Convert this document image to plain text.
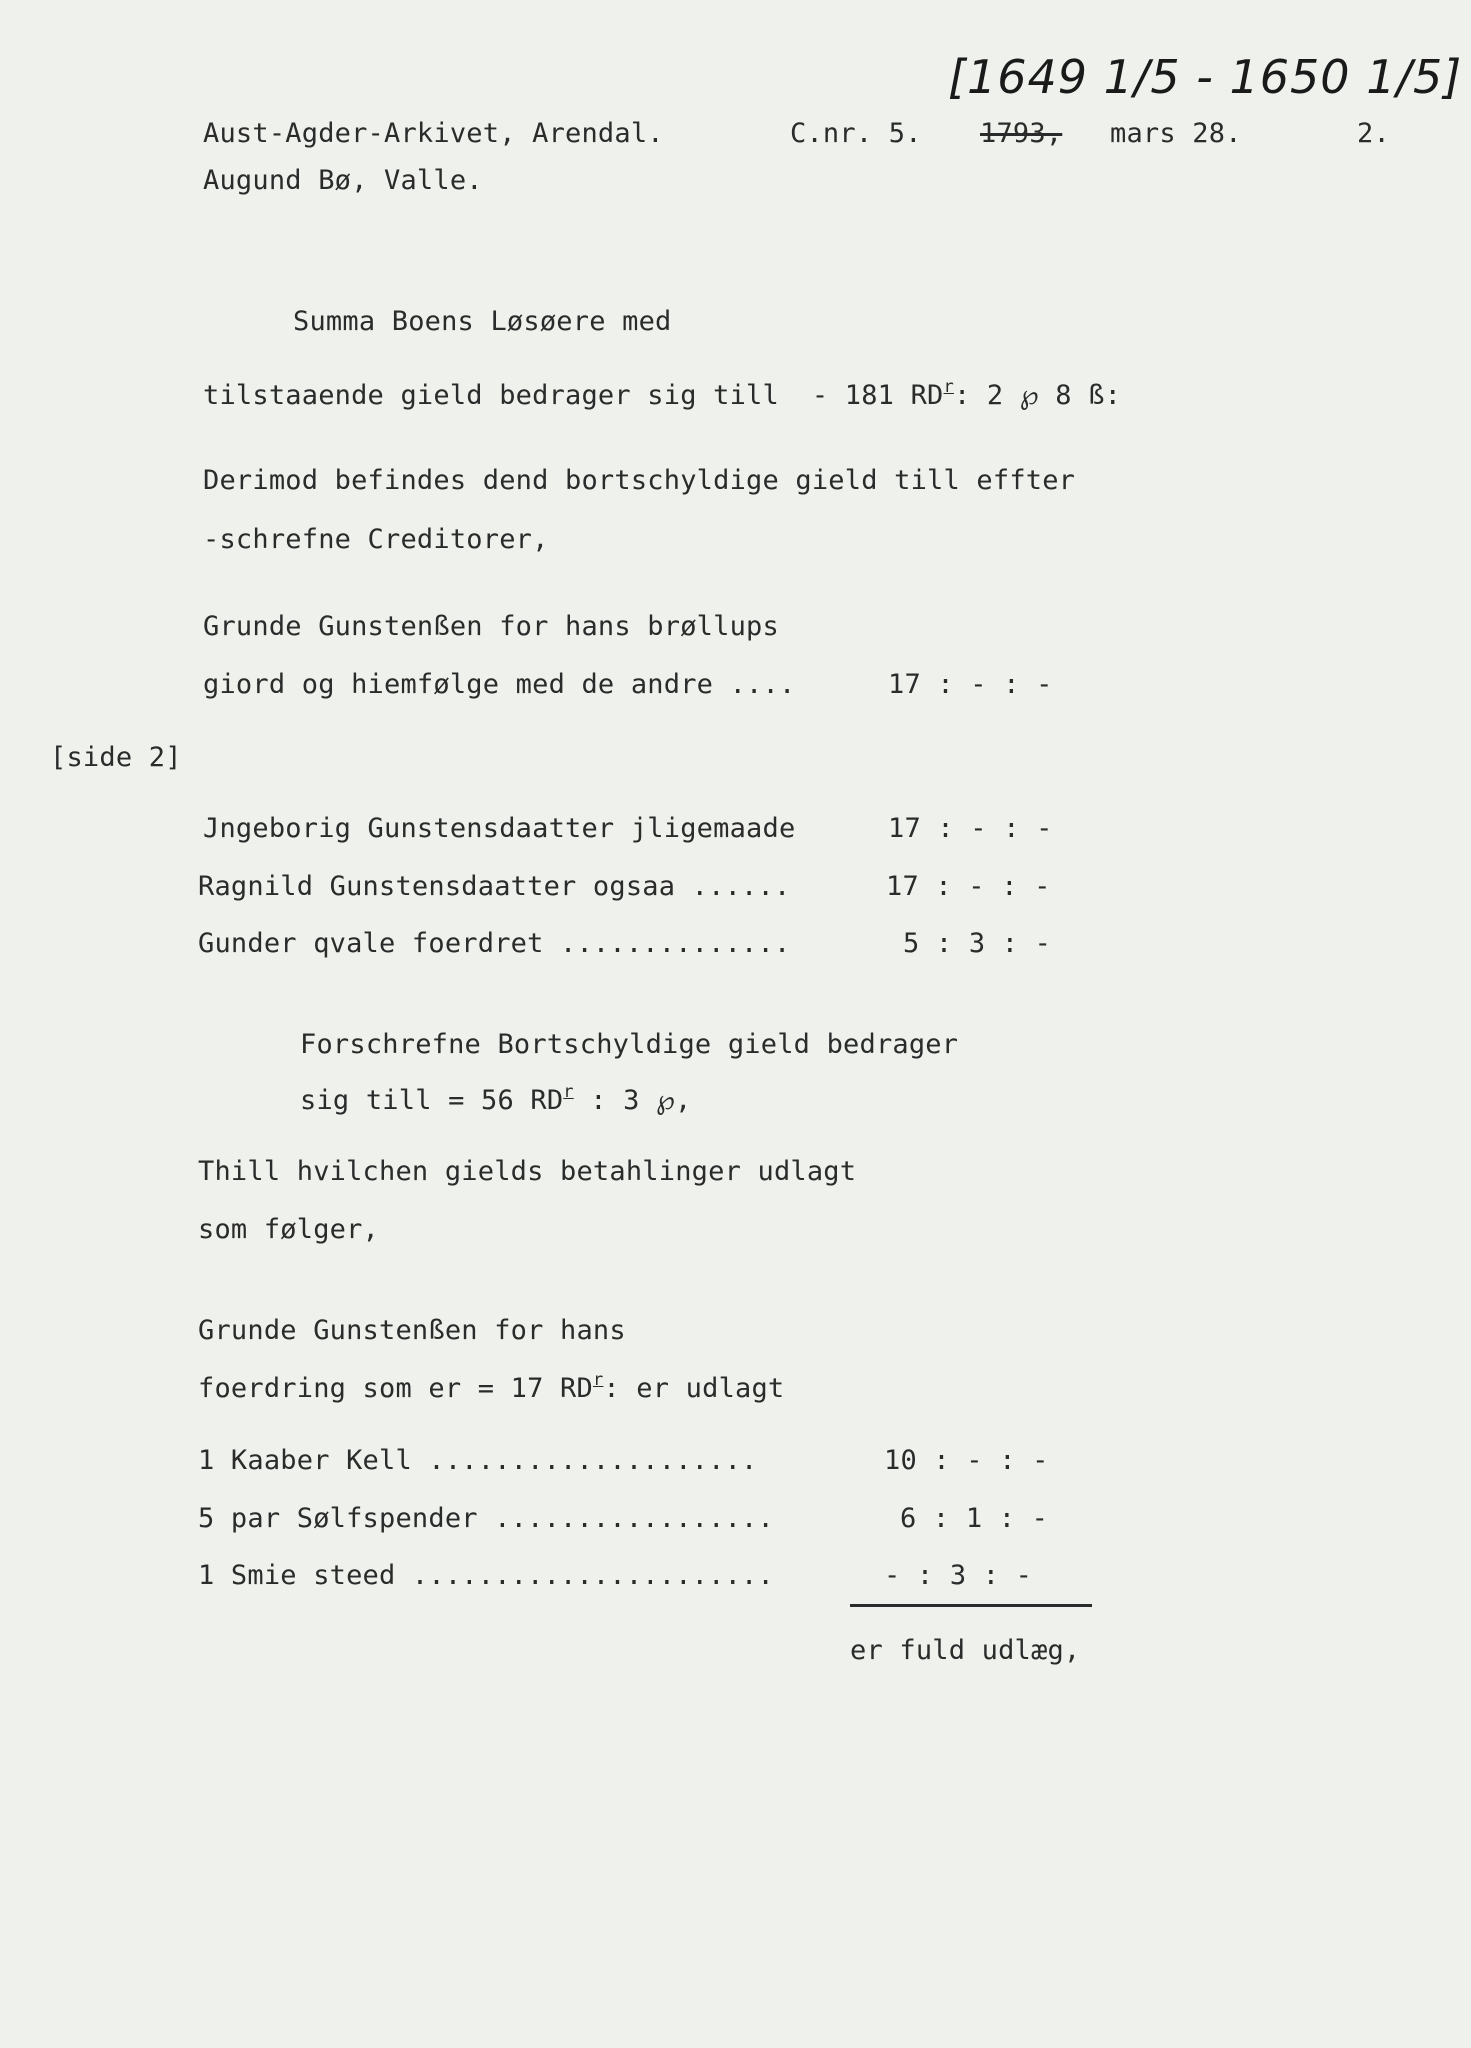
[1649 1/5 - 1650 1/5]
Aust-Agder-Arkivet, Arendal.	C.nr. 5. 1793, mars 28.	2.
Augund Bø, Valle.
Summa Boens Løsøere med
tilstaaende gield bedrager sig till  - 181 $RD^r$: 2 ℘ 8 ß:
Derimod befindes dend bortschyldige gield till effter
-schrefne Creditorer,
Grunde Gunstenßen for hans brøllups
giord og hiemfølge med de andre ....	17 : - : -
[side 2]
Jngeborig Gunstensdaatter jligemaade	17 : - : -
Ragnild Gunstensdaatter ogsaa ......	17 : - : -
Gunder qvale foerdret ..............	5 : 3 : -
Forschrefne Bortschyldige gield bedrager
sig till = 56 $RD^r$ : 3 ℘,
Thill hvilchen gields betahlinger udlagt
som følger,
Grunde Gunstenßen for hans
foerdring som er = 17 $RD^r$: er udlagt
1 Kaaber Kell ....................	10 : - : -
5 par Sølfspender .................	6 : 1 : -
1 Smie steed ......................	- : 3 : -
er fuld udlæg,
